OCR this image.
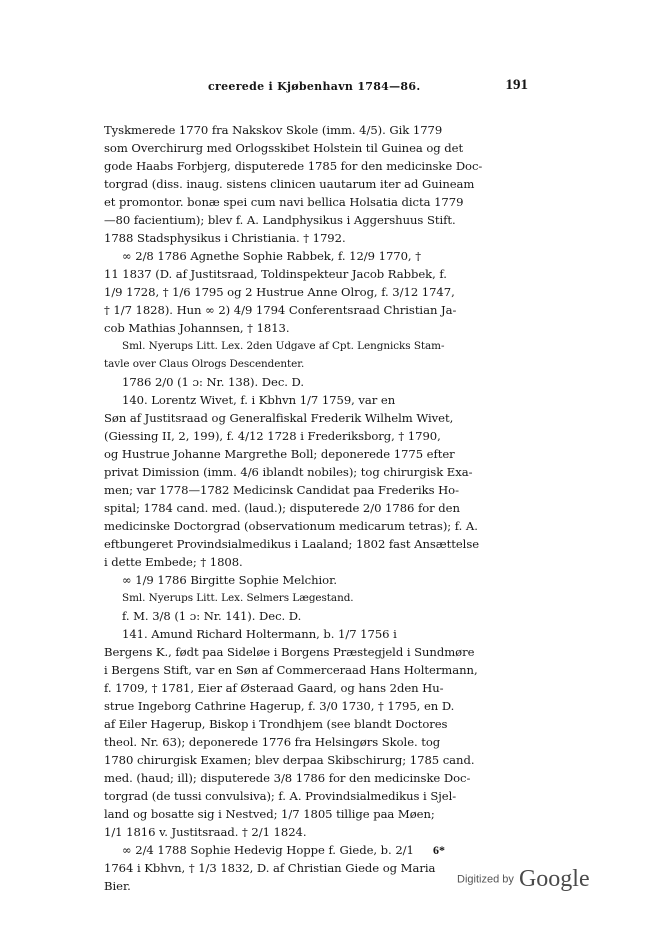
creerede i Kjøbenhavn 1784—86.	191
Tyskmerede 1770 fra Nakskov Skole (imm. 4/5). Gik 1779
som Overchirurg med Orlogsskibet Holstein til Guinea og det
gode Haabs Forbjerg, disputerede 1785 for den medicinske Doc-
torgrad (diss. inaug. sistens clinicen uautarum iter ad Guineam
et promontor. bonæ spei cum navi bellica Holsatia dicta 1779
—80 facientium); blev f. A. Landphysikus i Aggershuus Stift.
1788 Stadsphysikus i Christiania. † 1792.
∞ 2/8 1786 Agnethe Sophie Rabbek, f. 12/9 1770, †
11 1837 (D. af Justitsraad, Toldinspekteur Jacob Rabbek, f.
1/9 1728, † 1/6 1795 og 2 Hustrue Anne Olrog, f. 3/12 1747,
† 1/7 1828). Hun ∞ 2) 4/9 1794 Conferentsraad Christian Ja-
cob Mathias Johannsen, † 1813.
Sml. Nyerups Litt. Lex. 2den Udgave af Cpt. Lengnicks Stam-
tavle over Claus Olrogs Descendenter.
1786 2/0 (1 ɔ: Nr. 138). Dec. D.
140. Lorentz Wivet, f. i Kbhvn 1/7 1759, var en
Søn af Justitsraad og Generalfiskal Frederik Wilhelm Wivet,
(Giessing II, 2, 199), f. 4/12 1728 i Frederiksborg, † 1790,
og Hustrue Johanne Margrethe Boll; deponerede 1775 efter
privat Dimission (imm. 4/6 iblandt nobiles); tog chirurgisk Exa-
men; var 1778—1782 Medicinsk Candidat paa Frederiks Ho-
spital; 1784 cand. med. (laud.); disputerede 2/0 1786 for den
medicinske Doctorgrad (observationum medicarum tetras); f. A.
eftbungeret Provindsialmedikus i Laaland; 1802 fast Ansættelse
i dette Embede; † 1808.
∞ 1/9 1786 Birgitte Sophie Melchior.
Sml. Nyerups Litt. Lex. Selmers Lægestand.
f. M. 3/8 (1 ɔ: Nr. 141). Dec. D.
141. Amund Richard Holtermann, b. 1/7 1756 i
Bergens K., født paa Sideløe i Borgens Præstegjeld i Sundmøre
i Bergens Stift, var en Søn af Commerceraad Hans Holtermann,
f. 1709, † 1781, Eier af Østeraad Gaard, og hans 2den Hu-
strue Ingeborg Cathrine Hagerup, f. 3/0 1730, † 1795, en D.
af Eiler Hagerup, Biskop i Trondhjem (see blandt Doctores
theol. Nr. 63); deponerede 1776 fra Helsingørs Skole. tog
1780 chirurgisk Examen; blev derpaa Skibschirurg; 1785 cand.
med. (haud; ill); disputerede 3/8 1786 for den medicinske Doc-
torgrad (de tussi convulsiva); f. A. Provindsialmedikus i Sjel-
land og bosatte sig i Nestved; 1/7 1805 tillige paa Møen;
1/1 1816 v. Justitsraad. † 2/1 1824.
∞ 2/4 1788 Sophie Hedevig Hoppe f. Giede, b. 2/1
1764 i Kbhvn, † 1/3 1832, D. af Christian Giede og Maria
Bier.
6*
Digitized by Google
